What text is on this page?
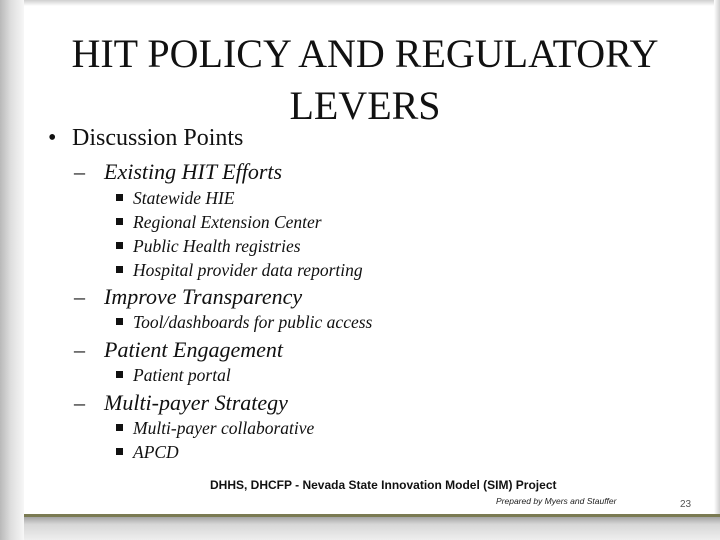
HIT POLICY AND REGULATORY
LEVERS
• Discussion Points
– Existing HIT Efforts
Statewide HIE
Regional Extension Center
Public Health registries
Hospital provider data reporting
– Improve Transparency
Tool/dashboards for public access
– Patient Engagement
Patient portal
– Multi-payer Strategy
Multi-payer collaborative
APCD
DHHS, DHCFP - Nevada State Innovation Model (SIM) Project
Prepared by Myers and Stauffer	23
